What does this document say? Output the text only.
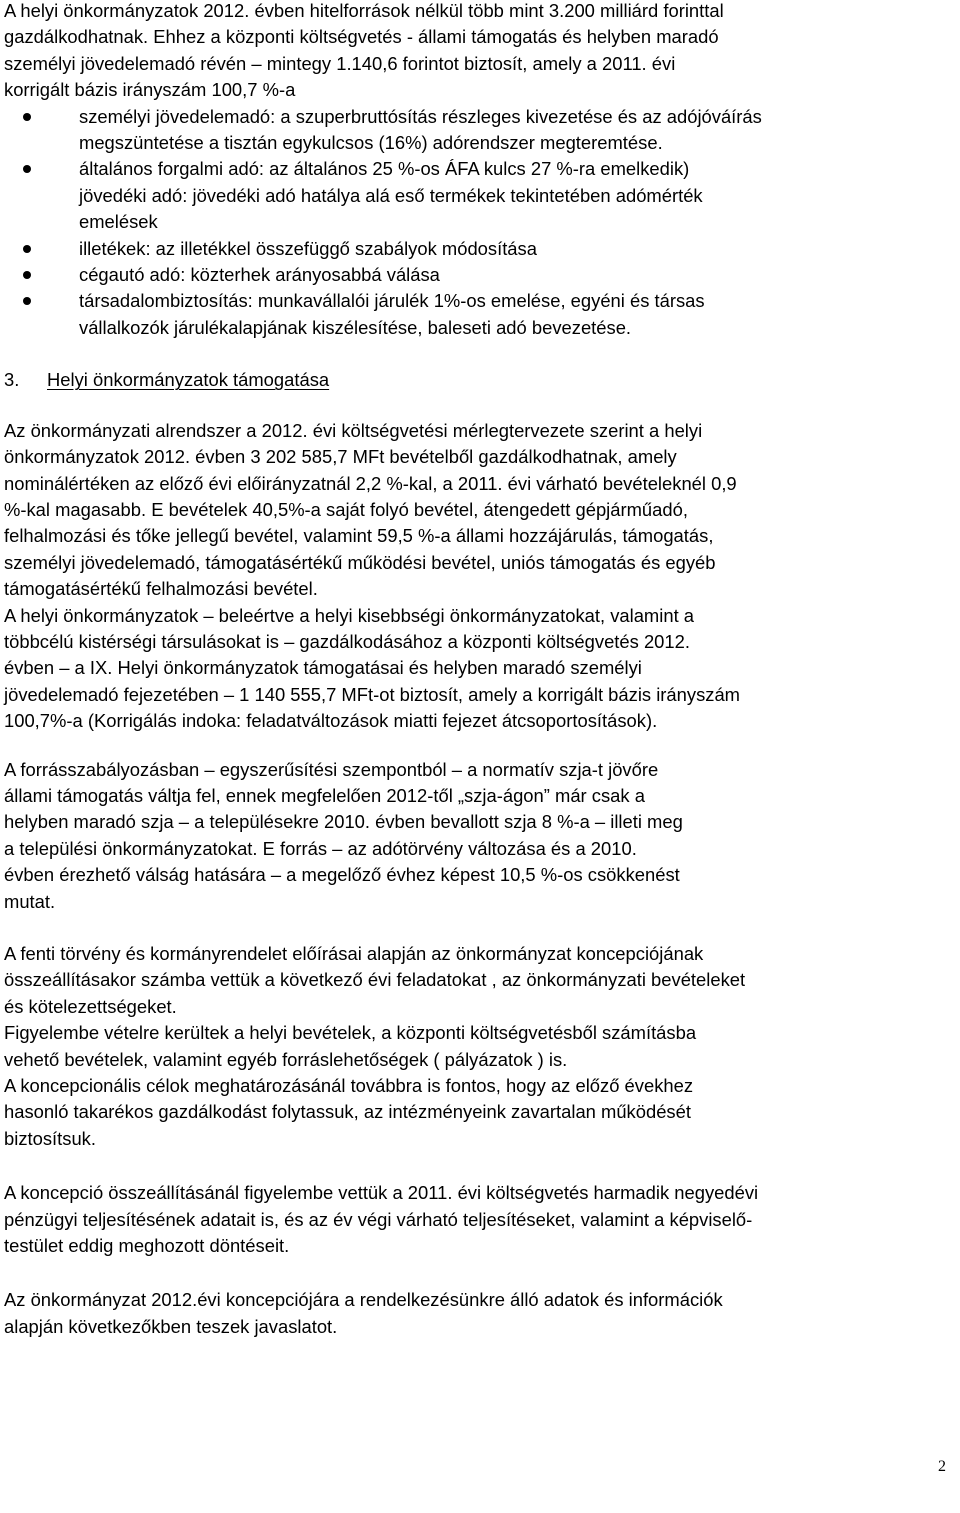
A helyi önkormányzatok 2012. évben hitelforrások nélkül több mint 3.200 milliárd forinttal
gazdálkodhatnak. Ehhez a központi költségvetés - állami támogatás és helyben maradó
személyi jövedelemadó révén – mintegy 1.140,6 forintot biztosít, amely a 2011. évi
korrigált bázis irányszám 100,7 %-a
személyi jövedelemadó: a szuperbruttósítás részleges kivezetése és az adójóváírás
megszüntetése a tisztán egykulcsos (16%) adórendszer megteremtése.
általános forgalmi adó: az általános 25 %-os ÁFA kulcs 27 %-ra emelkedik)
jövedéki adó: jövedéki adó hatálya alá eső termékek tekintetében adómérték
emelések
illetékek: az illetékkel összefüggő szabályok módosítása
cégautó adó: közterhek arányosabbá válása
társadalombiztosítás: munkavállalói járulék 1%-os emelése, egyéni és társas
vállalkozók járulékalapjának kiszélesítése, baleseti adó bevezetése.
3. Helyi önkormányzatok támogatása
Az önkormányzati alrendszer a 2012. évi költségvetési mérlegtervezete szerint a helyi
önkormányzatok 2012. évben 3 202 585,7 MFt bevételből gazdálkodhatnak, amely
nominálértéken az előző évi előirányzatnál 2,2 %-kal, a 2011. évi várható bevételeknél 0,9
%-kal magasabb. E bevételek 40,5%-a saját folyó bevétel, átengedett gépjárműadó,
felhalmozási és tőke jellegű bevétel, valamint 59,5 %-a állami hozzájárulás, támogatás,
személyi jövedelemadó, támogatásértékű működési bevétel, uniós támogatás és egyéb
támogatásértékű felhalmozási bevétel.
A helyi önkormányzatok – beleértve a helyi kisebbségi önkormányzatokat, valamint a
többcélú kistérségi társulásokat is – gazdálkodásához a központi költségvetés 2012.
évben – a IX. Helyi önkormányzatok támogatásai és helyben maradó személyi
jövedelemadó fejezetében – 1 140 555,7 MFt-ot biztosít, amely a korrigált bázis irányszám
100,7%-a (Korrigálás indoka: feladatváltozások miatti fejezet átcsoportosítások).
A forrásszabályozásban – egyszerűsítési szempontból – a normatív szja-t jövőre
állami támogatás váltja fel, ennek megfelelően 2012-től „szja-ágon” már csak a
helyben maradó szja – a településekre 2010. évben bevallott szja 8 %-a – illeti meg
a települési önkormányzatokat. E forrás – az adótörvény változása és a 2010.
évben érezhető válság hatására – a megelőző évhez képest 10,5 %-os csökkenést
mutat.
A fenti törvény és kormányrendelet előírásai alapján az önkormányzat koncepciójának
összeállításakor számba vettük a következő évi feladatokat , az önkormányzati bevételeket
és kötelezettségeket.
Figyelembe vételre kerültek a helyi bevételek, a központi költségvetésből számításba
vehető bevételek, valamint egyéb forráslehetőségek ( pályázatok ) is.
A koncepcionális célok meghatározásánál továbbra is fontos, hogy az előző évekhez
hasonló takarékos gazdálkodást folytassuk, az intézményeink zavartalan működését
biztosítsuk.
A koncepció összeállításánál figyelembe vettük a 2011. évi költségvetés harmadik negyedévi
pénzügyi teljesítésének adatait is, és az év végi várható teljesítéseket, valamint a képviselő-
testület eddig meghozott döntéseit.
Az önkormányzat 2012.évi koncepciójára a rendelkezésünkre álló adatok és információk
alapján következőkben teszek javaslatot.
2
